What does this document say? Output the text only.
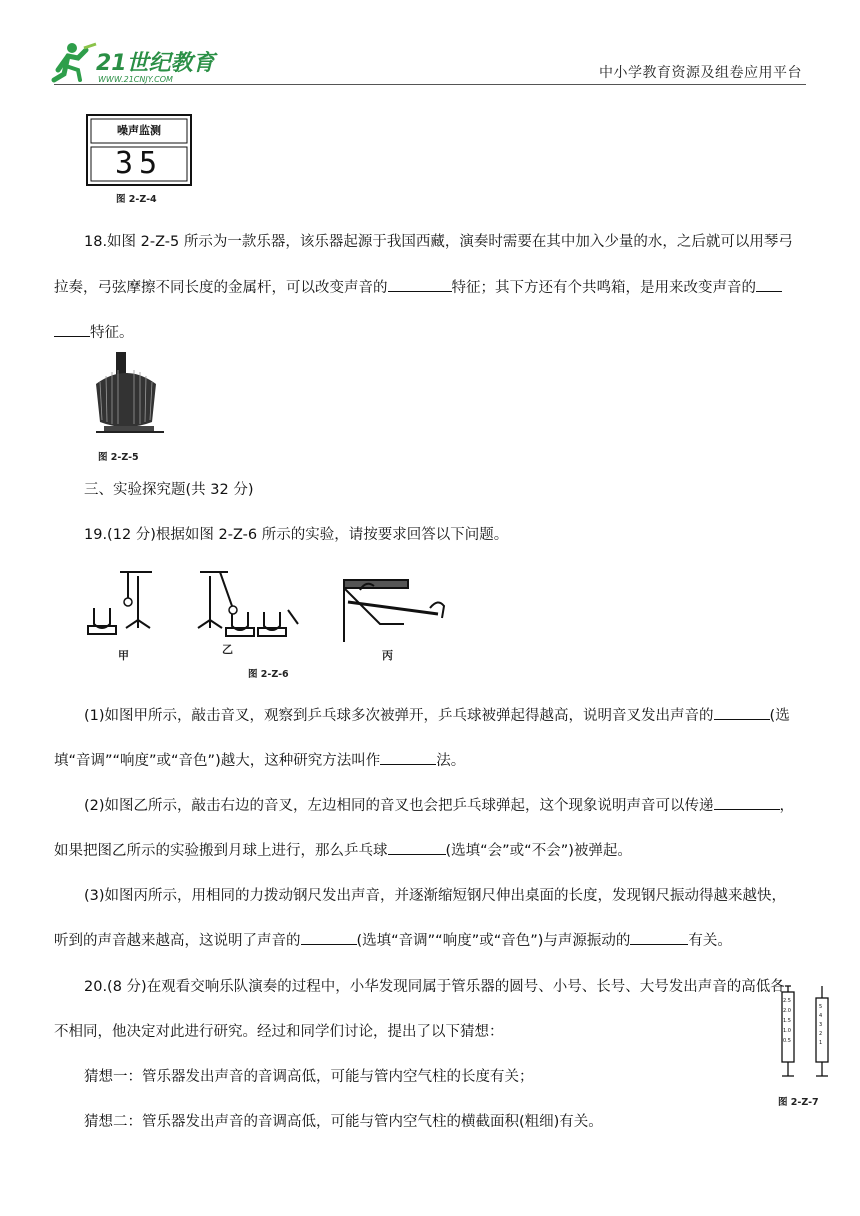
21世纪教育
WWW.21CNJY.COM	中小学教育资源及组卷应用平台
噪声监测
35
图 2-Z-4
18.如图 2-Z-5 所示为一款乐器，该乐器起源于我国西藏，演奏时需要在其中加入少量的水，之后就可以用琴弓
拉奏，弓弦摩擦不同长度的金属杆，可以改变声音的	特征；其下方还有个共鸣箱，是用来改变声音的
特征。
图 2-Z-5
三、实验探究题(共 32 分)
19.(12 分)根据如图 2-Z-6 所示的实验，请按要求回答以下问题。
甲	乙	丙
图 2-Z-6
(1)如图甲所示，敲击音叉，观察到乒乓球多次被弹开，乒乓球被弹起得越高，说明音叉发出声音的	(选
填“音调”“响度”或“音色”)越大，这种研究方法叫作	法。
(2)如图乙所示，敲击右边的音叉，左边相同的音叉也会把乒乓球弹起，这个现象说明声音可以传递	，
如果把图乙所示的实验搬到月球上进行，那么乒乓球	(选填“会”或“不会”)被弹起。
(3)如图丙所示，用相同的力拨动钢尺发出声音，并逐渐缩短钢尺伸出桌面的长度，发现钢尺振动得越来越快，
听到的声音越来越高，这说明了声音的	(选填“音调”“响度”或“音色”)与声源振动的	有关。
20.(8 分)在观看交响乐队演奏的过程中，小华发现同属于管乐器的圆号、小号、长号、大号发出声音的高低各
不相同，他决定对此进行研究。经过和同学们讨论，提出了以下猜想：
猜想一：管乐器发出声音的音调高低，可能与管内空气柱的长度有关；
猜想二：管乐器发出声音的音调高低，可能与管内空气柱的横截面积(粗细)有关。
2.5
2.0
1.5
1.0
0.5
5
4
3
2
1
图 2-Z-7
